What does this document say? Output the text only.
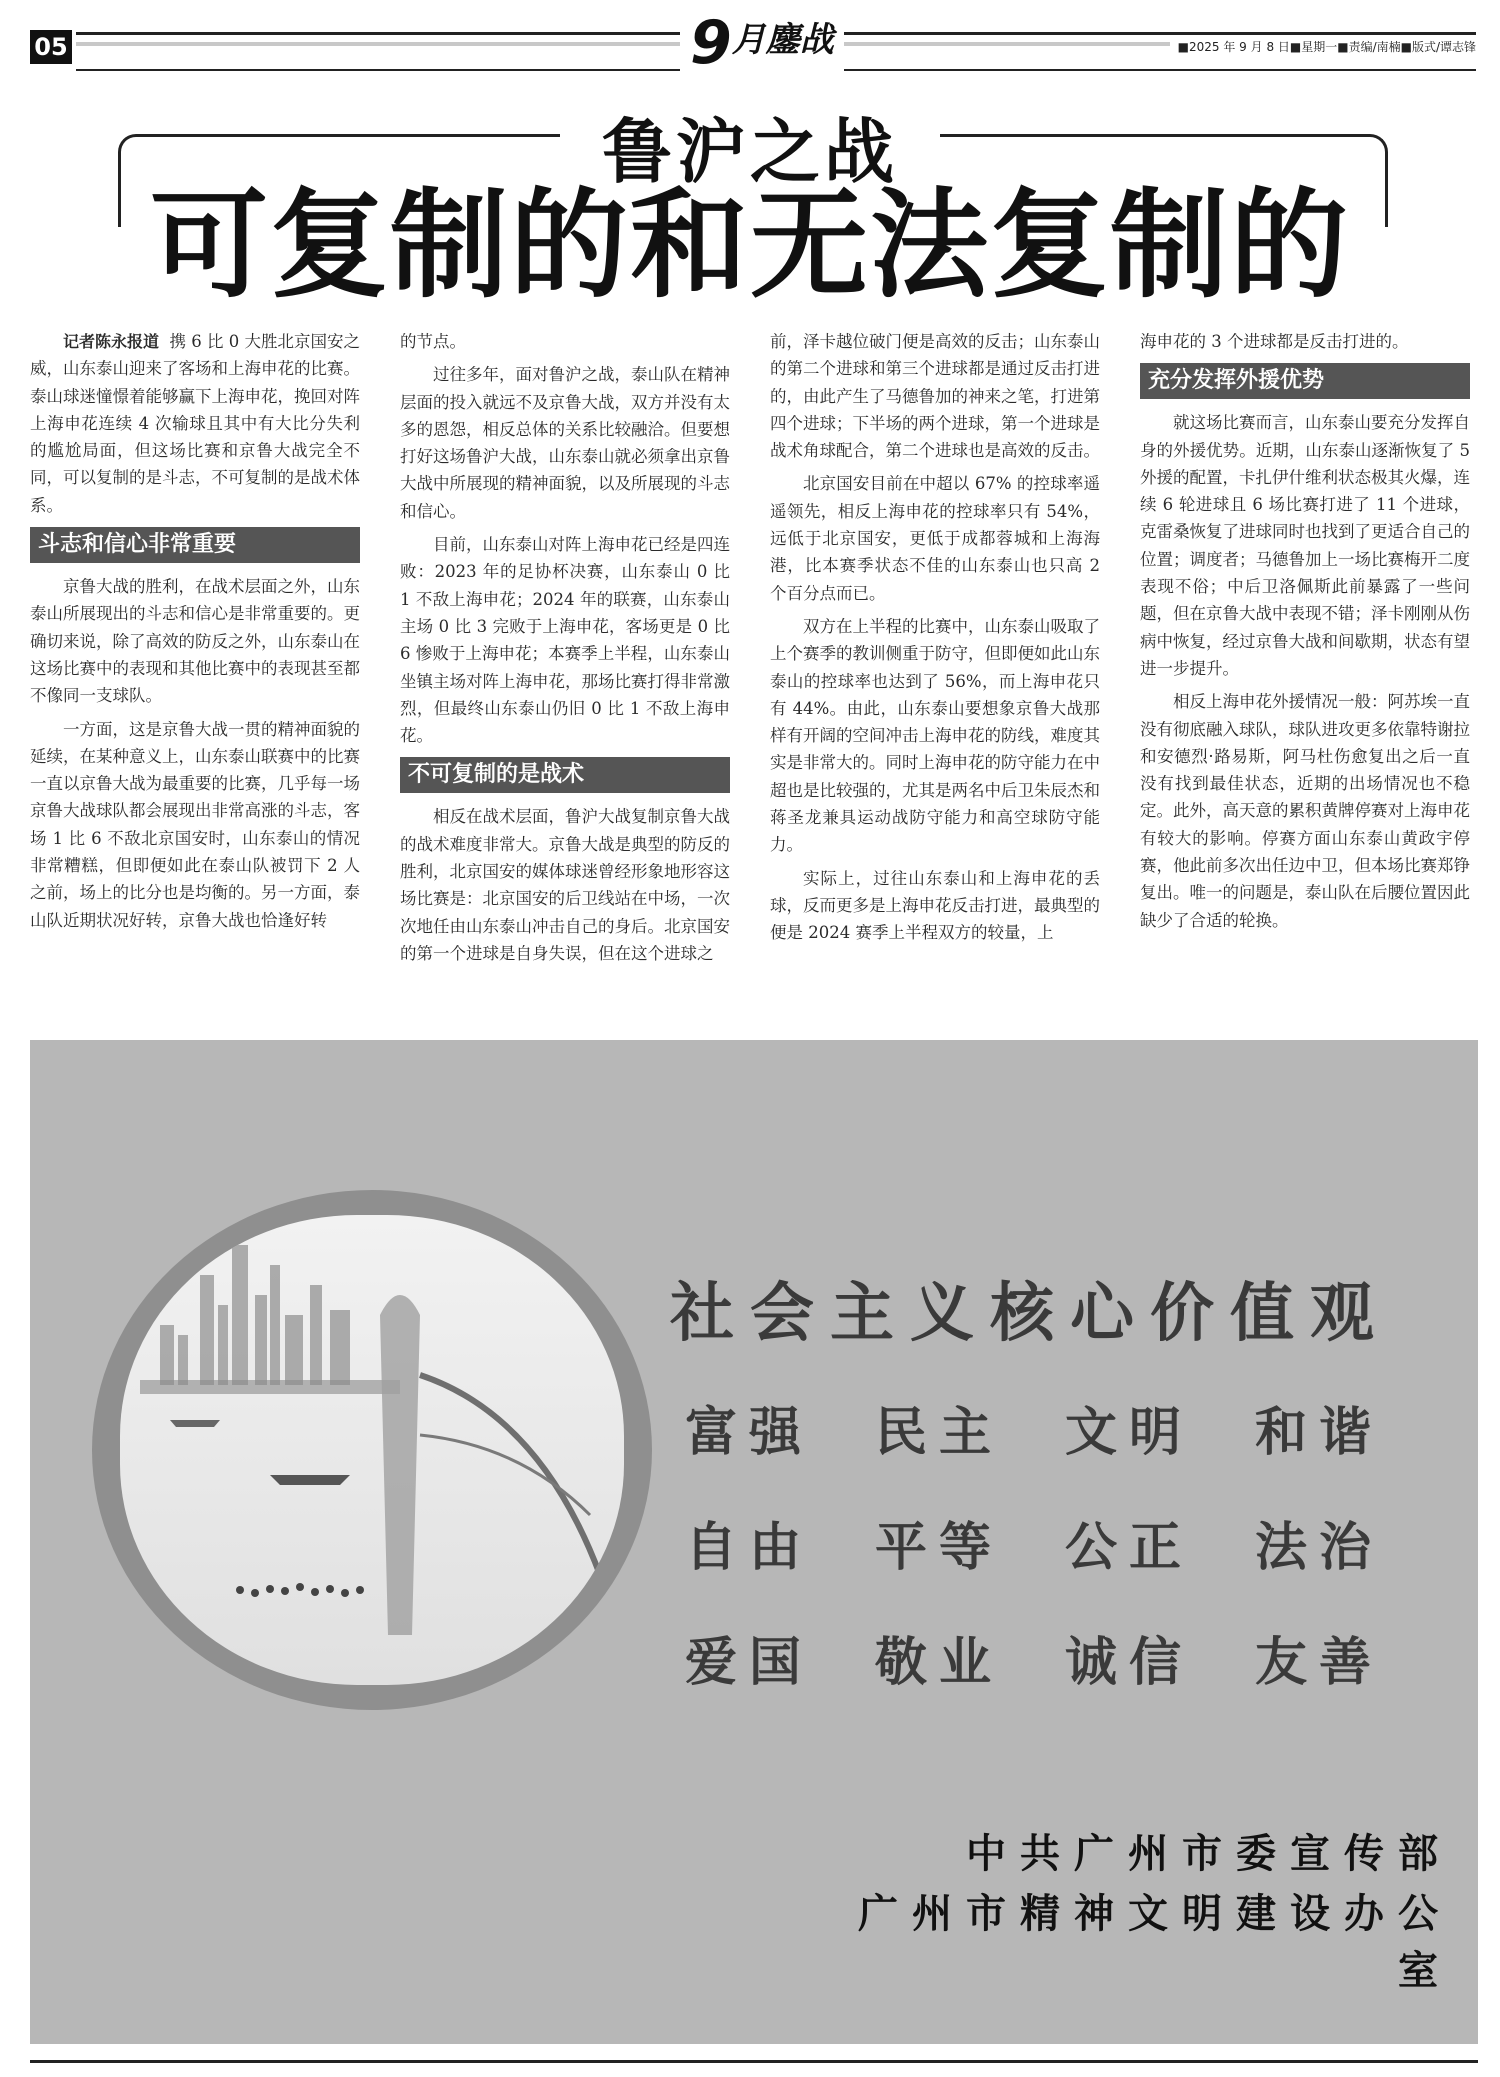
05	9月鏖战	■2025 年 9 月 8 日■星期一■责编/南楠■版式/谭志锋
鲁沪之战
可复制的和无法复制的

记者陈永报道 携 6 比 0 大胜北京国安之威，山东泰山迎来了客场和上海申花的比赛。泰山球迷憧憬着能够赢下上海申花，挽回对阵上海申花连续 4 次输球且其中有大比分失利的尴尬局面，但这场比赛和京鲁大战完全不同，可以复制的是斗志，不可复制的是战术体系。

斗志和信心非常重要

京鲁大战的胜利，在战术层面之外，山东泰山所展现出的斗志和信心是非常重要的。更确切来说，除了高效的防反之外，山东泰山在这场比赛中的表现和其他比赛中的表现甚至都不像同一支球队。

一方面，这是京鲁大战一贯的精神面貌的延续，在某种意义上，山东泰山联赛中的比赛一直以京鲁大战为最重要的比赛，几乎每一场京鲁大战球队都会展现出非常高涨的斗志，客场 1 比 6 不敌北京国安时，山东泰山的情况非常糟糕，但即便如此在泰山队被罚下 2 人之前，场上的比分也是均衡的。另一方面，泰山队近期状况好转，京鲁大战也恰逢好转

的节点。

过往多年，面对鲁沪之战，泰山队在精神层面的投入就远不及京鲁大战，双方并没有太多的恩怨，相反总体的关系比较融洽。但要想打好这场鲁沪大战，山东泰山就必须拿出京鲁大战中所展现的精神面貌，以及所展现的斗志和信心。

目前，山东泰山对阵上海申花已经是四连败：2023 年的足协杯决赛，山东泰山 0 比 1 不敌上海申花；2024 年的联赛，山东泰山主场 0 比 3 完败于上海申花，客场更是 0 比 6 惨败于上海申花；本赛季上半程，山东泰山坐镇主场对阵上海申花，那场比赛打得非常激烈，但最终山东泰山仍旧 0 比 1 不敌上海申花。

不可复制的是战术

相反在战术层面，鲁沪大战复制京鲁大战的战术难度非常大。京鲁大战是典型的防反的胜利，北京国安的媒体球迷曾经形象地形容这场比赛是：北京国安的后卫线站在中场，一次次地任由山东泰山冲击自己的身后。北京国安的第一个进球是自身失误，但在这个进球之

前，泽卡越位破门便是高效的反击；山东泰山的第二个进球和第三个进球都是通过反击打进的，由此产生了马德鲁加的神来之笔，打进第四个进球；下半场的两个进球，第一个进球是战术角球配合，第二个进球也是高效的反击。

北京国安目前在中超以 67% 的控球率遥遥领先，相反上海申花的控球率只有 54%，远低于北京国安，更低于成都蓉城和上海海港，比本赛季状态不佳的山东泰山也只高 2 个百分点而已。

双方在上半程的比赛中，山东泰山吸取了上个赛季的教训侧重于防守，但即便如此山东泰山的控球率也达到了 56%，而上海申花只有 44%。由此，山东泰山要想象京鲁大战那样有开阔的空间冲击上海申花的防线，难度其实是非常大的。同时上海申花的防守能力在中超也是比较强的，尤其是两名中后卫朱辰杰和蒋圣龙兼具运动战防守能力和高空球防守能力。

实际上，过往山东泰山和上海申花的丢球，反而更多是上海申花反击打进，最典型的便是 2024 赛季上半程双方的较量，上

海申花的 3 个进球都是反击打进的。

充分发挥外援优势

就这场比赛而言，山东泰山要充分发挥自身的外援优势。近期，山东泰山逐渐恢复了 5 外援的配置，卡扎伊什维利状态极其火爆，连续 6 轮进球且 6 场比赛打进了 11 个进球，克雷桑恢复了进球同时也找到了更适合自己的位置；调度者；马德鲁加上一场比赛梅开二度表现不俗；中后卫洛佩斯此前暴露了一些问题，但在京鲁大战中表现不错；泽卡刚刚从伤病中恢复，经过京鲁大战和间歇期，状态有望进一步提升。

相反上海申花外援情况一般：阿苏埃一直没有彻底融入球队，球队进攻更多依靠特谢拉和安德烈·路易斯，阿马杜伤愈复出之后一直没有找到最佳状态，近期的出场情况也不稳定。此外，高天意的累积黄牌停赛对上海申花有较大的影响。停赛方面山东泰山黄政宇停赛，他此前多次出任边中卫，但本场比赛郑铮复出。唯一的问题是，泰山队在后腰位置因此缺少了合适的轮换。

社会主义核心价值观
富强	民主	文明	和谐
自由	平等	公正	法治
爱国	敬业	诚信	友善
中共广州市委宣传部
广州市精神文明建设办公室
